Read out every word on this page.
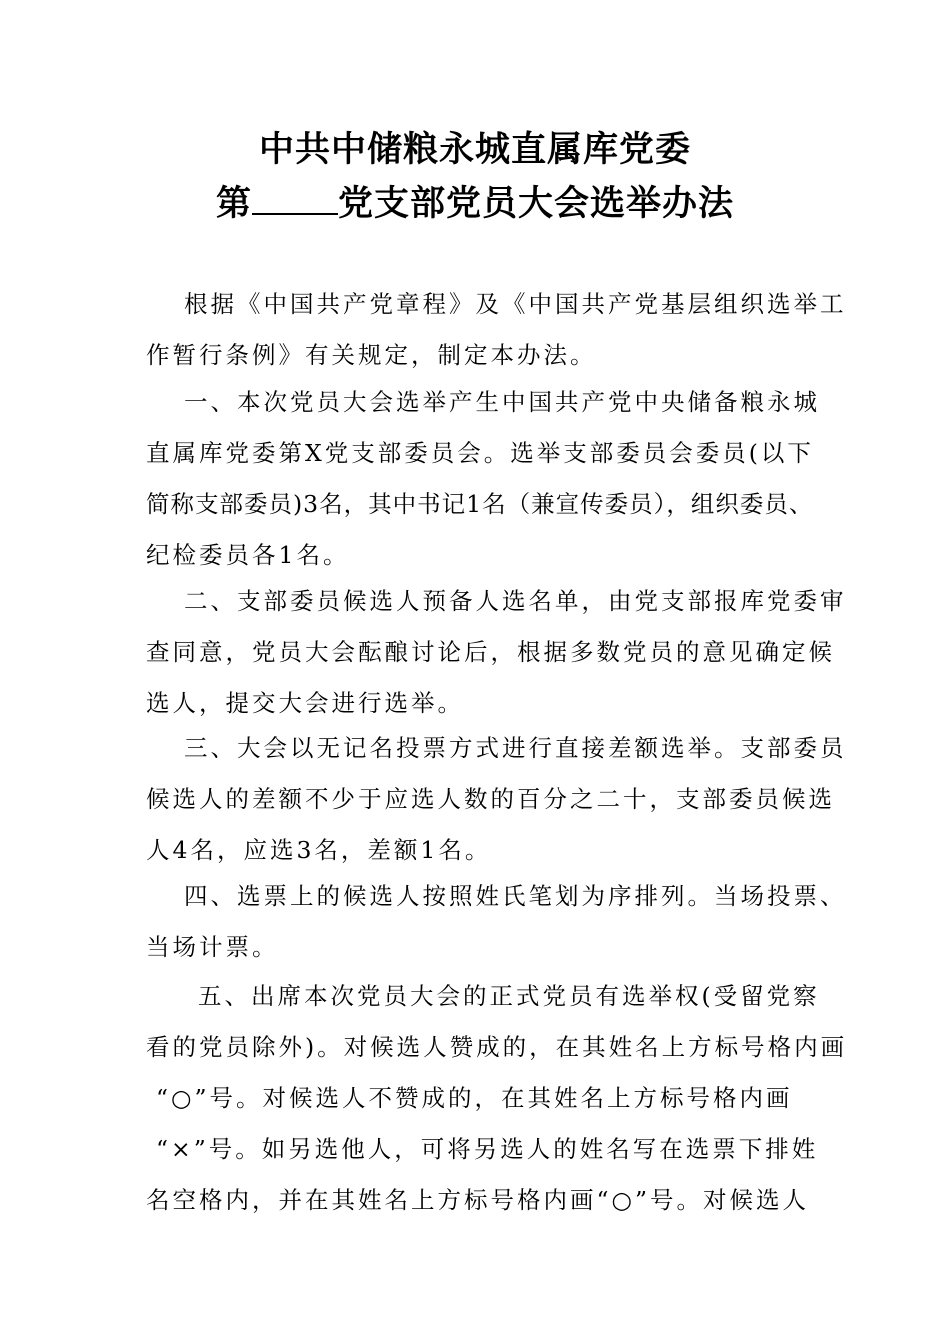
中共中储粮永城直属库党委
第 党支部党员大会选举办法
根据《中国共产党章程》及《中国共产党基层组织选举工
作暂行条例》有关规定，制定本办法。
一、本次党员大会选举产生中国共产党中央储备粮永城
直属库党委第X党支部委员会。选举支部委员会委员(以下
简称支部委员)3名，其中书记1名（兼宣传委员），组织委员、
纪检委员各1名。
二、支部委员候选人预备人选名单，由党支部报库党委审
查同意，党员大会酝酿讨论后，根据多数党员的意见确定候
选人，提交大会进行选举。
三、大会以无记名投票方式进行直接差额选举。支部委员
候选人的差额不少于应选人数的百分之二十，支部委员候选
人4名，应选3名，差额1名。
四、选票上的候选人按照姓氏笔划为序排列。当场投票、
当场计票。
五、出席本次党员大会的正式党员有选举权(受留党察
看的党员除外)。对候选人赞成的，在其姓名上方标号格内画
“○”号。对候选人不赞成的，在其姓名上方标号格内画
“×”号。如另选他人，可将另选人的姓名写在选票下排姓
名空格内，并在其姓名上方标号格内画“○”号。对候选人
